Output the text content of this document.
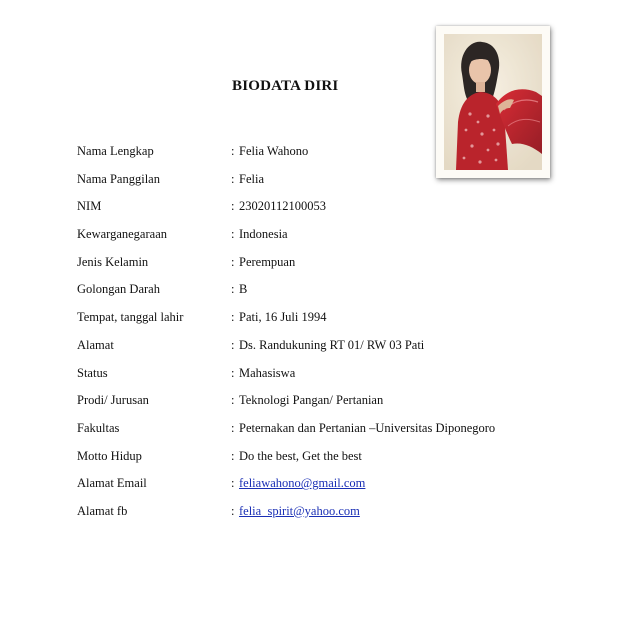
BIODATA DIRI
Nama Lengkap	: Felia Wahono
Nama Panggilan	: Felia
NIM	: 23020112100053
Kewarganegaraan	: Indonesia
Jenis Kelamin	: Perempuan
Golongan Darah	: B
Tempat, tanggal lahir	: Pati, 16 Juli 1994
Alamat	: Ds. Randukuning RT 01/ RW 03 Pati
Status	: Mahasiswa
Prodi/ Jurusan	: Teknologi Pangan/ Pertanian
Fakultas	: Peternakan dan Pertanian –Universitas Diponegoro
Motto Hidup	: Do the best, Get the best
Alamat Email	: feliawahono@gmail.com
Alamat fb	: felia_spirit@yahoo.com
